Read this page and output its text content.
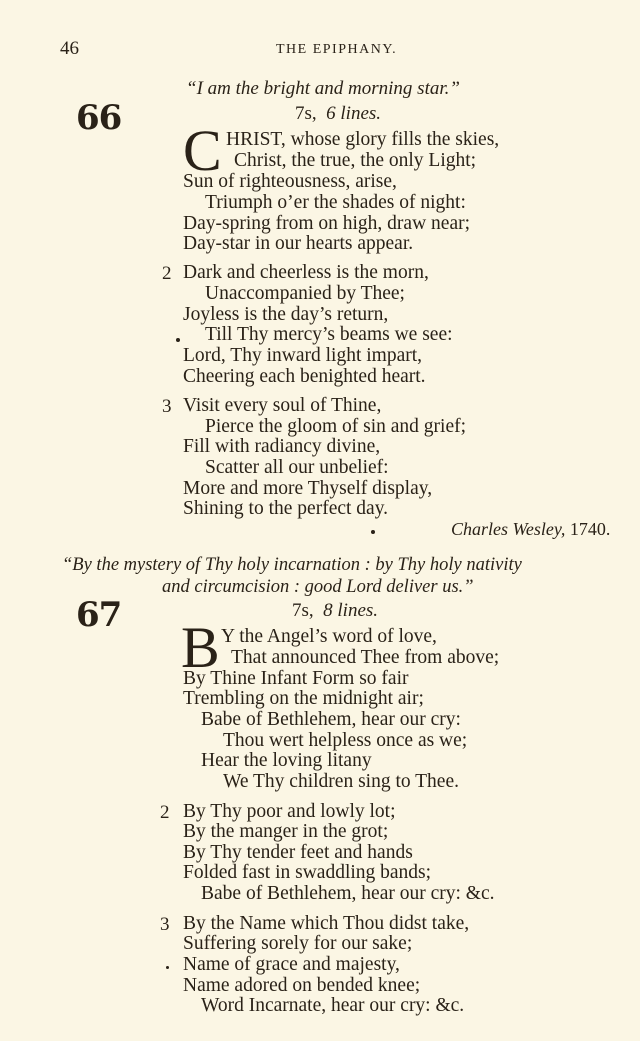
46	THE EPIPHANY.
“I am the bright and morning star.”
66	7s, 6 lines.
C HRIST, whose glory fills the skies,
Christ, the true, the only Light;
Sun of righteousness, arise,
Triumph o’er the shades of night:
Day-spring from on high, draw near;
Day-star in our hearts appear.
2 Dark and cheerless is the morn,
Unaccompanied by Thee;
Joyless is the day’s return,
Till Thy mercy’s beams we see:
Lord, Thy inward light impart,
Cheering each benighted heart.
3 Visit every soul of Thine,
Pierce the gloom of sin and grief;
Fill with radiancy divine,
Scatter all our unbelief:
More and more Thyself display,
Shining to the perfect day.
Charles Wesley, 1740.
“By the mystery of Thy holy incarnation : by Thy holy nativity
and circumcision : good Lord deliver us.”
67	7s, 8 lines.
B Y the Angel’s word of love,
That announced Thee from above;
By Thine Infant Form so fair
Trembling on the midnight air;
Babe of Bethlehem, hear our cry:
Thou wert helpless once as we;
Hear the loving litany
We Thy children sing to Thee.
2 By Thy poor and lowly lot;
By the manger in the grot;
By Thy tender feet and hands
Folded fast in swaddling bands;
Babe of Bethlehem, hear our cry: &c.
3 By the Name which Thou didst take,
Suffering sorely for our sake;
Name of grace and majesty,
Name adored on bended knee;
Word Incarnate, hear our cry: &c.
